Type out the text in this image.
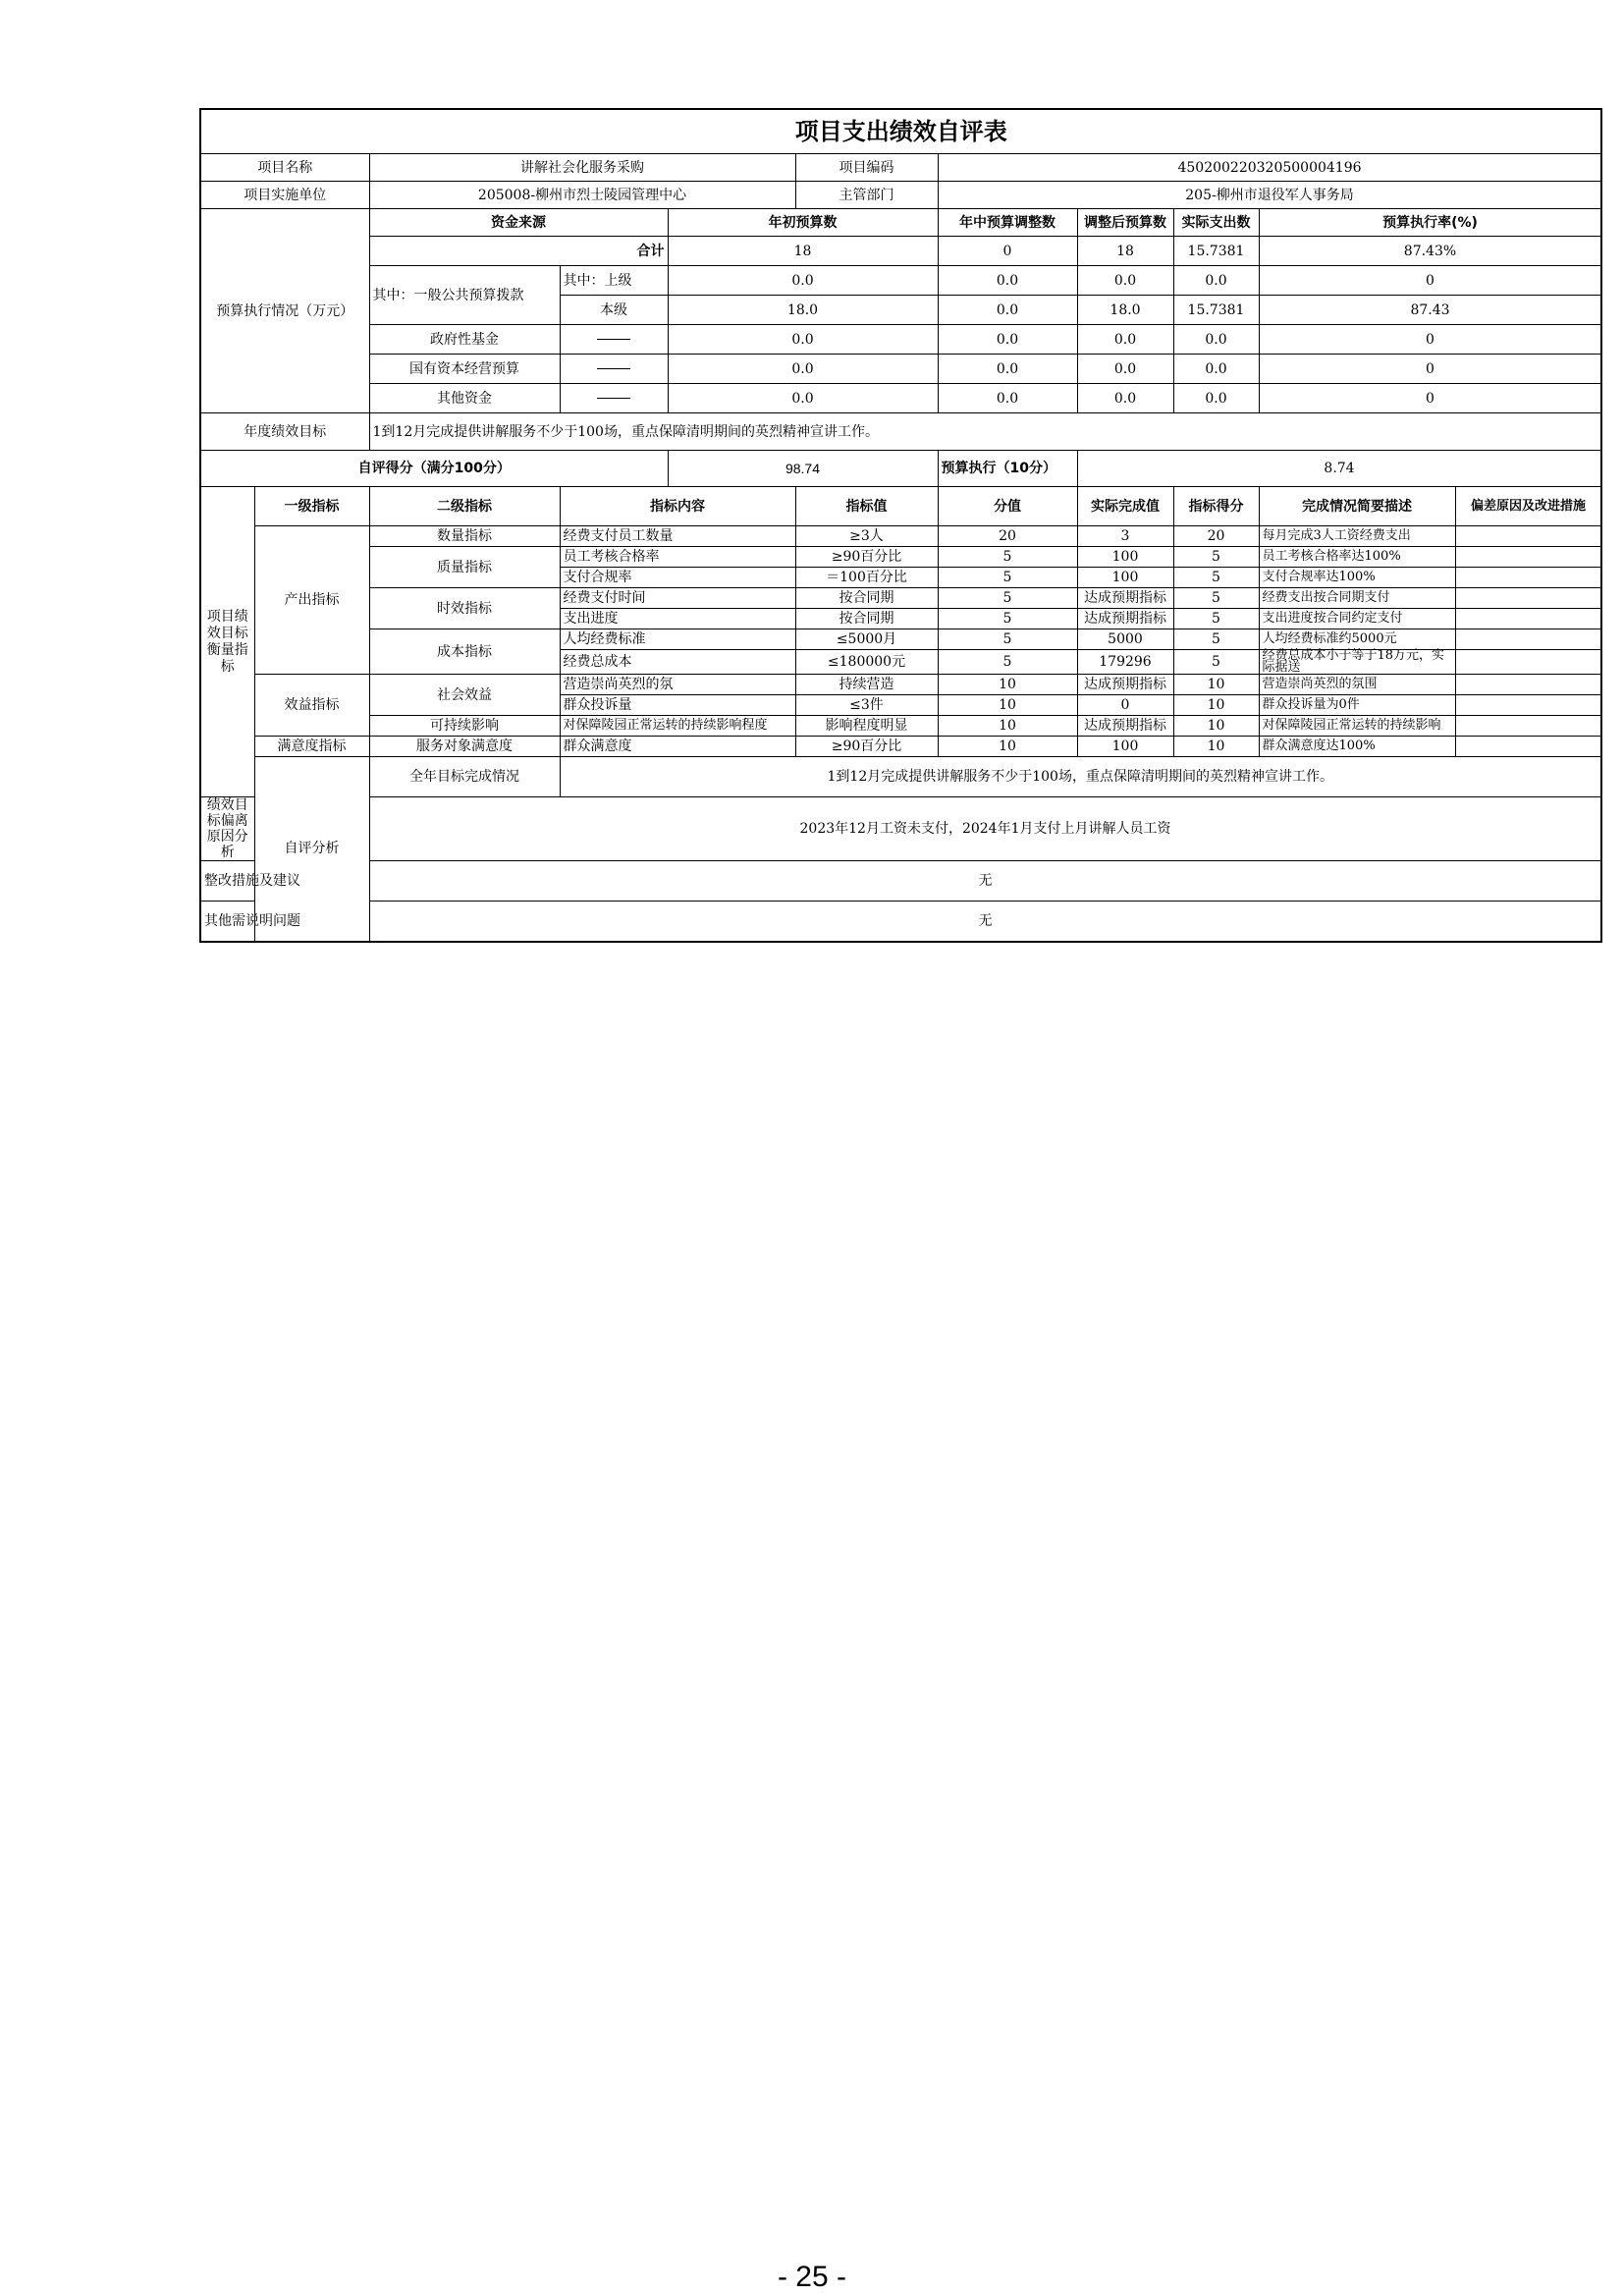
项目支出绩效自评表										
项目名称		讲解社会化服务采购			项目编码	450200220320500004196				
项目实施单位		205008-柳州市烈士陵园管理中心			主管部门	205-柳州市退役军人事务局				
预算执行情况（万元）		资金来源		年初预算数		年中预算调整数	调整后预算数	实际支出数	预算执行率(%)	
		合计		18		0	18	15.7381	87.43%	
		其中：一般公共预算拨款	其中：上级	0.0		0.0	0.0	0.0	0	
			本级	18.0		0.0	18.0	15.7381	87.43	
		政府性基金		0.0		0.0	0.0	0.0	0	
		国有资本经营预算		0.0		0.0	0.0	0.0	0	
		其他资金		0.0		0.0	0.0	0.0	0	
年度绩效目标		1到12月完成提供讲解服务不少于100场，重点保障清明期间的英烈精神宣讲工作。								
自评得分（满分100分）				98.74		预算执行（10分）	8.74			
项目绩效目标衡量指标	一级指标	二级指标	指标内容		指标值	分值	实际完成值	指标得分	完成情况简要描述	偏差原因及改进措施
	产出指标	数量指标	经费支付员工数量		≥3人	20	3	20	每月完成3人工资经费支出	
		质量指标	员工考核合格率		≥90百分比	5	100	5	员工考核合格率达100%	
			支付合规率		＝100百分比	5	100	5	支付合规率达100%	
		时效指标	经费支付时间		按合同期	5	达成预期指标	5	经费支出按合同期支付	
			支出进度		按合同期	5	达成预期指标	5	支出进度按合同约定支付	
		成本指标	人均经费标准		≤5000月	5	5000	5	人均经费标准约5000元	
			经费总成本		≤180000元	5	179296	5	经费总成本小于等于18万元，实际据送	
	效益指标	社会效益	营造崇尚英烈的氛		持续营造	10	达成预期指标	10	营造崇尚英烈的氛围	
			群众投诉量		≤3件	10	0	10	群众投诉量为0件	
		可持续影响	对保障陵园正常运转的持续影响程度		影响程度明显	10	达成预期指标	10	对保障陵园正常运转的持续影响	
	满意度指标	服务对象满意度	群众满意度		≥90百分比	10	100	10	群众满意度达100%	
	自评分析	全年目标完成情况	1到12月完成提供讲解服务不少于100场，重点保障清明期间的英烈精神宣讲工作。							
绩效目标偏离原因分析		2023年12月工资未支付，2024年1月支付上月讲解人员工资								
整改措施及建议		无								
其他需说明问题		无								
- 25 -
